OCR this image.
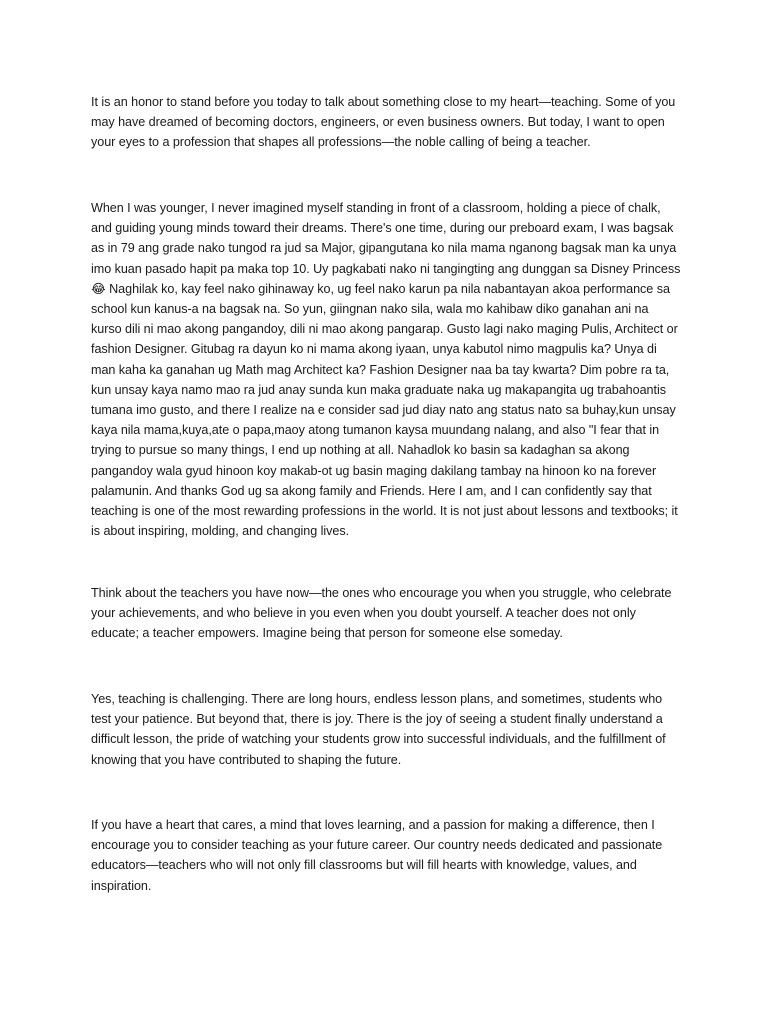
It is an honor to stand before you today to talk about something close to my heart—teaching. Some of you may have dreamed of becoming doctors, engineers, or even business owners. But today, I want to open your eyes to a profession that shapes all professions—the noble calling of being a teacher.

When I was younger, I never imagined myself standing in front of a classroom, holding a piece of chalk, and guiding young minds toward their dreams. There's one time, during our preboard exam, I was bagsak as in 79 ang grade nako tungod ra jud sa Major, gipangutana ko nila mama nganong bagsak man ka unya imo kuan pasado hapit pa maka top 10. Uy pagkabati nako ni tangingting ang dunggan sa Disney Princess 😂 Naghilak ko, kay feel nako gihinaway ko, ug feel nako karun pa nila nabantayan akoa performance sa school kun kanus-a na bagsak na. So yun, giingnan nako sila, wala mo kahibaw diko ganahan ani na kurso dili ni mao akong pangandoy, dili ni mao akong pangarap. Gusto lagi nako maging Pulis, Architect or fashion Designer. Gitubag ra dayun ko ni mama akong iyaan, unya kabutol nimo magpulis ka? Unya di man kaha ka ganahan ug Math mag Architect ka? Fashion Designer naa ba tay kwarta? Dim pobre ra ta, kun unsay kaya namo mao ra jud anay sunda kun maka graduate naka ug makapangita ug trabahoantis tumana imo gusto, and there I realize na e consider sad jud diay nato ang status nato sa buhay,kun unsay kaya nila mama,kuya,ate o papa,maoy atong tumanon kaysa muundang nalang, and also "I fear that in trying to pursue so many things, I end up nothing at all. Nahadlok ko basin sa kadaghan sa akong pangandoy wala gyud hinoon koy makab-ot ug basin maging dakilang tambay na hinoon ko na forever palamunin. And thanks God ug sa akong family and Friends. Here I am, and I can confidently say that teaching is one of the most rewarding professions in the world. It is not just about lessons and textbooks; it is about inspiring, molding, and changing lives.

Think about the teachers you have now—the ones who encourage you when you struggle, who celebrate your achievements, and who believe in you even when you doubt yourself. A teacher does not only educate; a teacher empowers. Imagine being that person for someone else someday.

Yes, teaching is challenging. There are long hours, endless lesson plans, and sometimes, students who test your patience. But beyond that, there is joy. There is the joy of seeing a student finally understand a difficult lesson, the pride of watching your students grow into successful individuals, and the fulfillment of knowing that you have contributed to shaping the future.

If you have a heart that cares, a mind that loves learning, and a passion for making a difference, then I encourage you to consider teaching as your future career. Our country needs dedicated and passionate educators—teachers who will not only fill classrooms but will fill hearts with knowledge, values, and inspiration.
